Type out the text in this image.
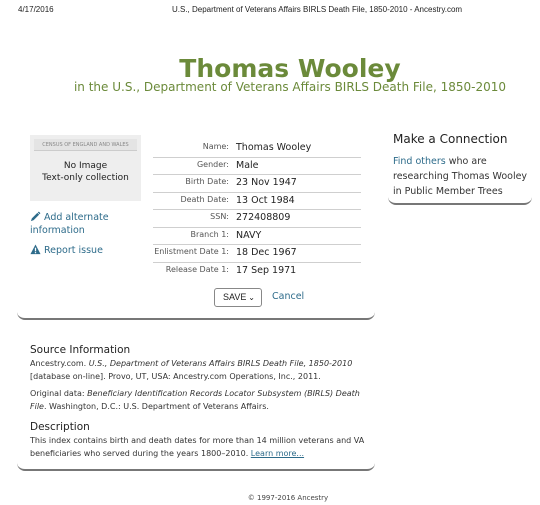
4/17/2016	U.S., Department of Veterans Affairs BIRLS Death File, 1850-2010 - Ancestry.com
Thomas Wooley
in the U.S., Department of Veterans Affairs BIRLS Death File, 1850-2010
CENSUS OF ENGLAND AND WALES
No Image
Text-only collection
Add alternate information
Report issue
Name: Thomas Wooley
Gender: Male
Birth Date: 23 Nov 1947
Death Date: 13 Oct 1984
SSN: 272408809
Branch 1: NAVY
Enlistment Date 1: 18 Dec 1967
Release Date 1: 17 Sep 1971
SAVE ⌄ Cancel
Make a Connection
Find others who are researching Thomas Wooley in Public Member Trees
Source Information
Ancestry.com. U.S., Department of Veterans Affairs BIRLS Death File, 1850-2010 [database on-line]. Provo, UT, USA: Ancestry.com Operations, Inc., 2011.
Original data: Beneficiary Identification Records Locator Subsystem (BIRLS) Death File. Washington, D.C.: U.S. Department of Veterans Affairs.
Description
This index contains birth and death dates for more than 14 million veterans and VA beneficiaries who served during the years 1800–2010. Learn more...
© 1997-2016 Ancestry
